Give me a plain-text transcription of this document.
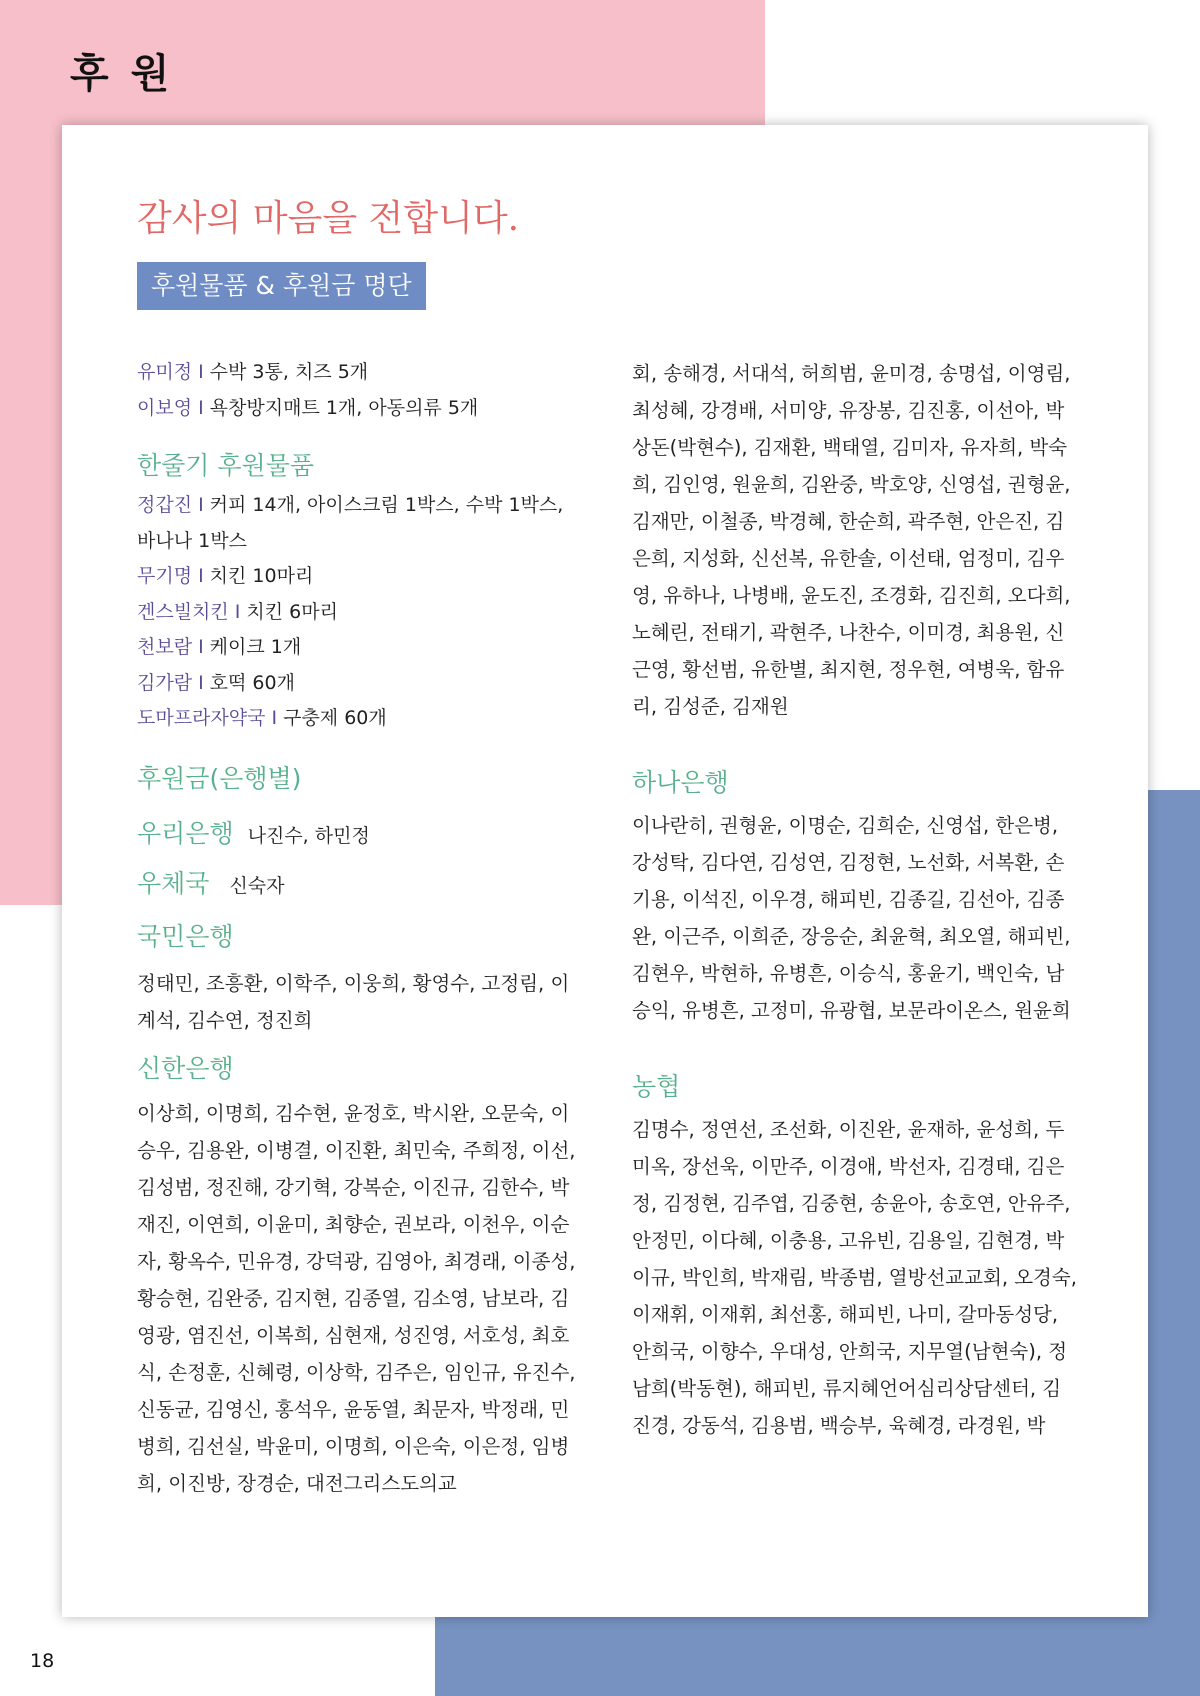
후 원
감사의 마음을 전합니다.
후원물품 & 후원금 명단
유미정 I 수박 3통, 치즈 5개
이보영 I 욕창방지매트 1개, 아동의류 5개
한줄기 후원물품
정갑진 I 커피 14개, 아이스크림 1박스, 수박 1박스, 바나나 1박스
무기명 I 치킨 10마리
겐스빌치킨 I 치킨 6마리
천보람 I 케이크 1개
김가람 I 호떡 60개
도마프라자약국 I 구충제 60개
후원금(은행별)
우리은행 나진수, 하민정
우체국 신숙자
국민은행

정태민, 조흥환, 이학주, 이웅희, 황영수, 고정림, 이계석, 김수연, 정진희

신한은행

이상희, 이명희, 김수현, 윤정호, 박시완, 오문숙, 이승우, 김용완, 이병결, 이진환, 최민숙, 주희정, 이선, 김성범, 정진해, 강기혁, 강복순, 이진규, 김한수, 박재진, 이연희, 이윤미, 최향순, 권보라, 이천우, 이순자, 황옥수, 민유경, 강덕광, 김영아, 최경래, 이종성, 황승현, 김완중, 김지현, 김종열, 김소영, 남보라, 김영광, 염진선, 이복희, 심현재, 성진영, 서호성, 최호식, 손정훈, 신혜령, 이상학, 김주은, 임인규, 유진수, 신동균, 김영신, 홍석우, 윤동열, 최문자, 박정래, 민병희, 김선실, 박윤미, 이명희, 이은숙, 이은정, 임병희, 이진방, 장경순, 대전그리스도의교

회, 송해경, 서대석, 허희범, 윤미경, 송명섭, 이영림, 최성혜, 강경배, 서미양, 유장봉, 김진홍, 이선아, 박상돈(박현수), 김재환, 백태열, 김미자, 유자희, 박숙희, 김인영, 원윤희, 김완중, 박호양, 신영섭, 권형윤, 김재만, 이철종, 박경혜, 한순희, 곽주현, 안은진, 김은희, 지성화, 신선복, 유한솔, 이선태, 엄정미, 김우영, 유하나, 나병배, 윤도진, 조경화, 김진희, 오다희, 노혜린, 전태기, 곽현주, 나찬수, 이미경, 최용원, 신근영, 황선범, 유한별, 최지현, 정우현, 여병욱, 함유리, 김성준, 김재원

하나은행

이나란히, 권형윤, 이명순, 김희순, 신영섭, 한은병, 강성탁, 김다연, 김성연, 김정현, 노선화, 서복환, 손기용, 이석진, 이우경, 해피빈, 김종길, 김선아, 김종완, 이근주, 이희준, 장응순, 최윤혁, 최오열, 해피빈, 김현우, 박현하, 유병흔, 이승식, 홍윤기, 백인숙, 남승익, 유병흔, 고정미, 유광협, 보문라이온스, 원윤희

농협

김명수, 정연선, 조선화, 이진완, 윤재하, 윤성희, 두미옥, 장선욱, 이만주, 이경애, 박선자, 김경태, 김은정, 김정현, 김주엽, 김중현, 송윤아, 송호연, 안유주, 안정민, 이다혜, 이충용, 고유빈, 김용일, 김현경, 박이규, 박인희, 박재림, 박종범, 열방선교교회, 오경숙, 이재휘, 이재휘, 최선홍, 해피빈, 나미, 갈마동성당, 안희국, 이향수, 우대성, 안희국, 지무열(남현숙), 정남희(박동현), 해피빈, 류지혜언어심리상담센터, 김진경, 강동석, 김용범, 백승부, 육혜경, 라경원, 박

18
